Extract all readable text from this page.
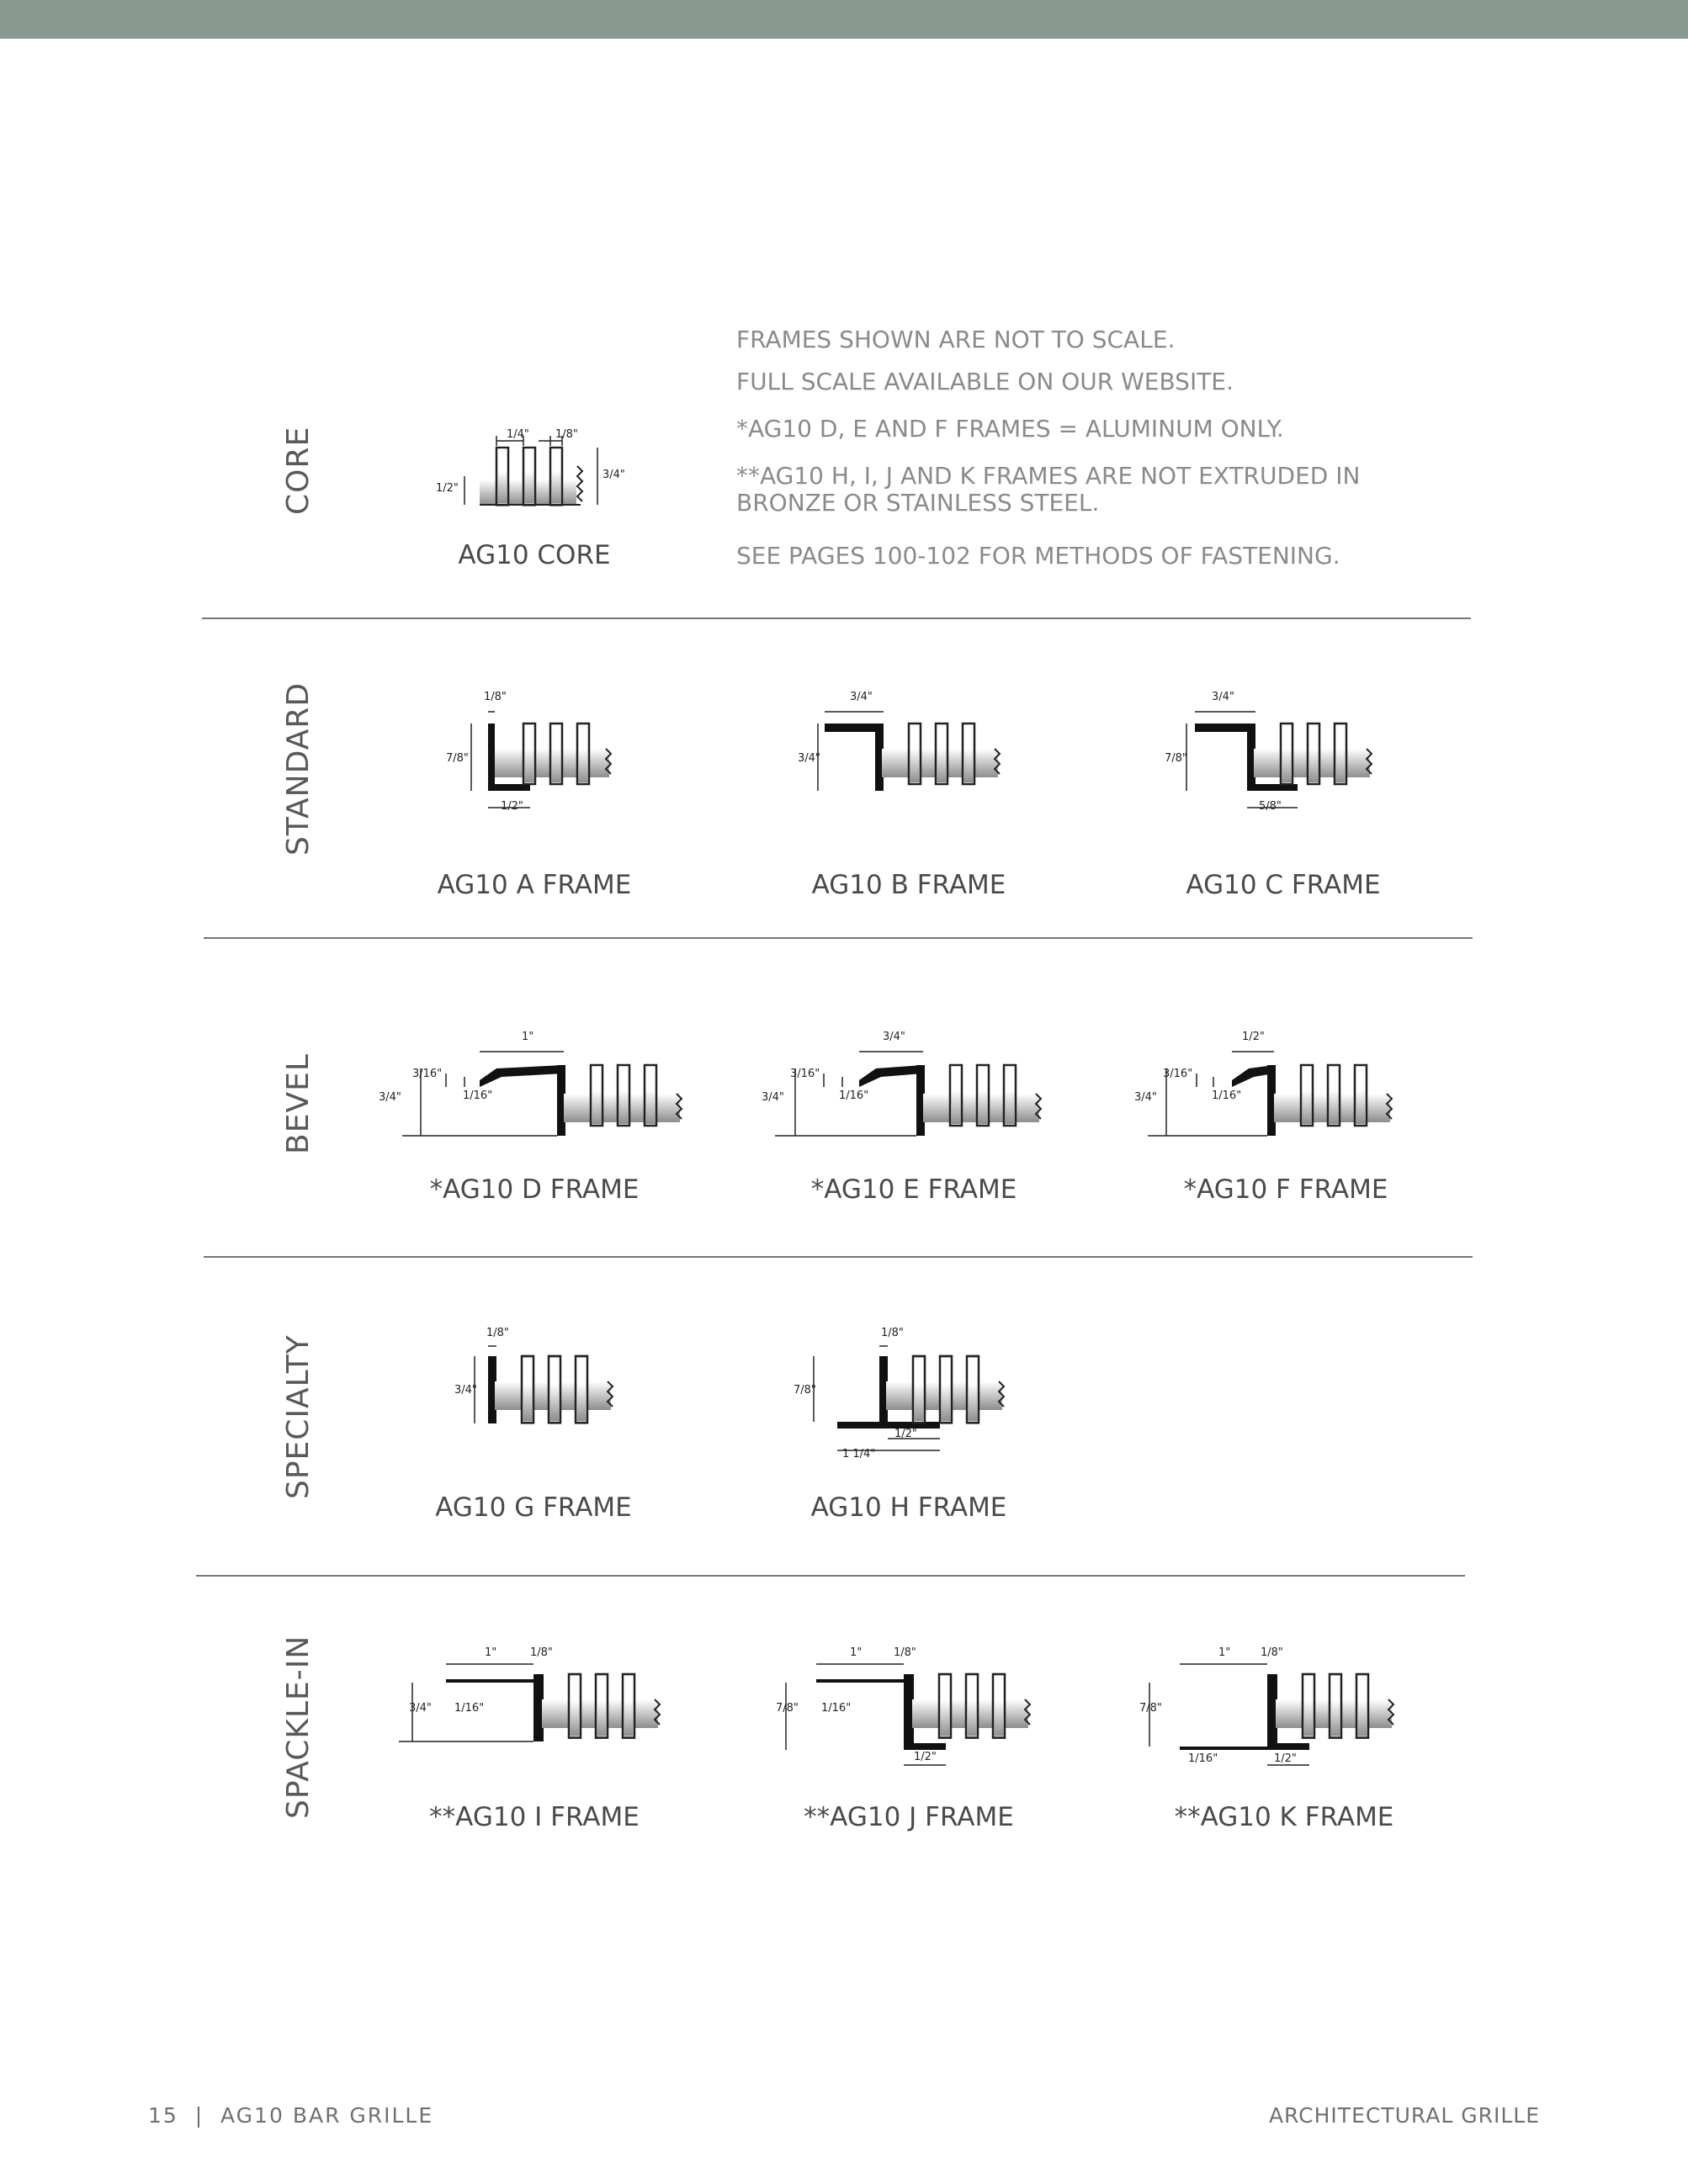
CORE
STANDARD
BEVEL
SPECIALTY
SPACKLE-IN
FRAMES SHOWN ARE NOT TO SCALE.
FULL SCALE AVAILABLE ON OUR WEBSITE.
*AG10 D, E AND F FRAMES = ALUMINUM ONLY.
**AG10 H, I, J AND K FRAMES ARE NOT EXTRUDED IN
BRONZE OR STAINLESS STEEL.
SEE PAGES 100-102 FOR METHODS OF FASTENING.
1/4" 1/8"
1/2"
3/4"
AG10 CORE
1/8"
7/8"
1/2"
AG10 A FRAME
3/4"
3/4"
AG10 B FRAME
3/4"
7/8"
5/8"
AG10 C FRAME
1"
3/16"
3/4"	1/16"
*AG10 D FRAME
3/4"
3/16"
3/4"	1/16"
*AG10 E FRAME
1/2"
3/16"
3/4"	1/16"
*AG10 F FRAME
1/8"
3/4"
AG10 G FRAME
1/8"
7/8"
1/2"
1 1/4"
AG10 H FRAME
1"	1/8"
3/4" 1/16"
**AG10 I FRAME
1"	1/8"
7/8" 1/16"
1/2"
**AG10 J FRAME
1"	1/8"
7/8"
1/16"	1/2"
**AG10 K FRAME
15  |  AG10 BAR GRILLE	ARCHITECTURAL GRILLE
